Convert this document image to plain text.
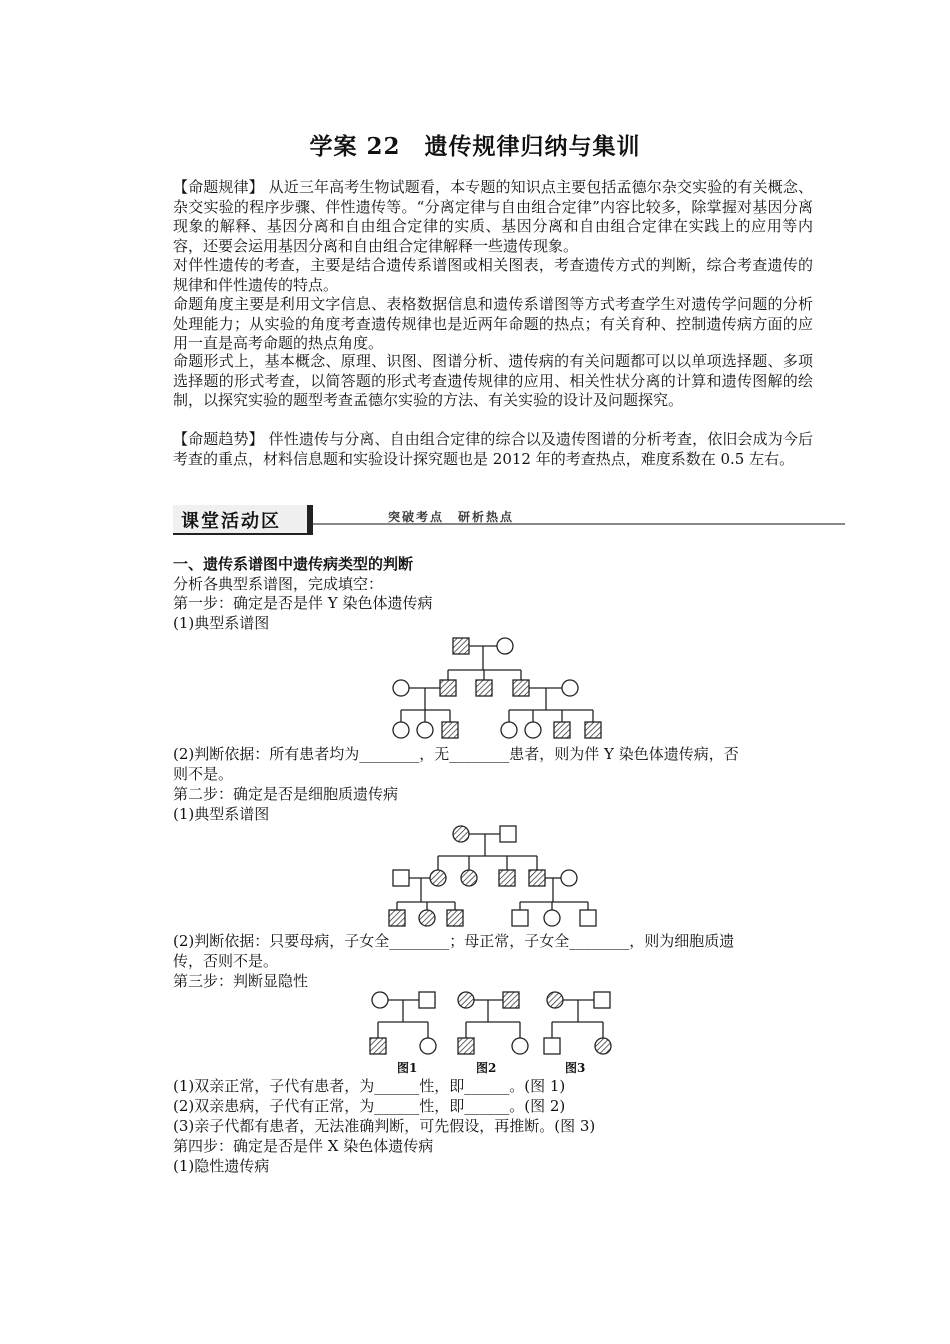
学案 22　遗传规律归纳与集训

【命题规律】 从近三年高考生物试题看，本专题的知识点主要包括孟德尔杂交实验的有关概念、杂交实验的程序步骤、伴性遗传等。“分离定律与自由组合定律”内容比较多，除掌握对基因分离现象的解释、基因分离和自由组合定律的实质、基因分离和自由组合定律在实践上的应用等内容，还要会运用基因分离和自由组合定律解释一些遗传现象。

对伴性遗传的考查，主要是结合遗传系谱图或相关图表，考查遗传方式的判断，综合考查遗传的规律和伴性遗传的特点。

命题角度主要是利用文字信息、表格数据信息和遗传系谱图等方式考查学生对遗传学问题的分析处理能力；从实验的角度考查遗传规律也是近两年命题的热点；有关育种、控制遗传病方面的应用一直是高考命题的热点角度。

命题形式上，基本概念、原理、识图、图谱分析、遗传病的有关问题都可以以单项选择题、多项选择题的形式考查，以简答题的形式考查遗传规律的应用、相关性状分离的计算和遗传图解的绘制，以探究实验的题型考查孟德尔实验的方法、有关实验的设计及问题探究。

【命题趋势】 伴性遗传与分离、自由组合定律的综合以及遗传图谱的分析考查，依旧会成为今后考查的重点，材料信息题和实验设计探究题也是 2012 年的考查热点，难度系数在 0.5 左右。

课堂活动区	突破考点　研析热点
一、遗传系谱图中遗传病类型的判断
分析各典型系谱图，完成填空：
第一步：确定是否是伴 Y 染色体遗传病
(1)典型系谱图
(2)判断依据：所有患者均为________，无________患者，则为伴 Y 染色体遗传病，否
则不是。
第二步：确定是否是细胞质遗传病
(1)典型系谱图
(2)判断依据：只要母病，子女全________；母正常，子女全________，则为细胞质遗
传，否则不是。
第三步：判断显隐性
图1	图2	图3
(1)双亲正常，子代有患者，为______性，即______。(图 1)
(2)双亲患病，子代有正常，为______性，即______。(图 2)
(3)亲子代都有患者，无法准确判断，可先假设，再推断。(图 3)
第四步：确定是否是伴 X 染色体遗传病
(1)隐性遗传病
